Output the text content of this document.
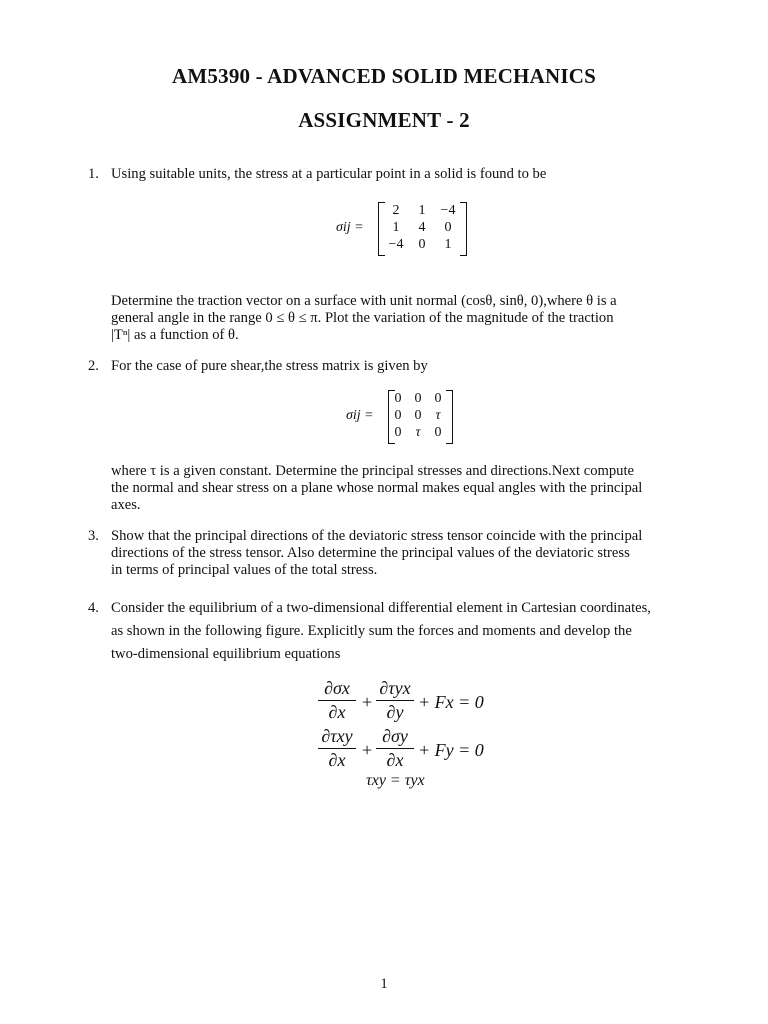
AM5390 - ADVANCED SOLID MECHANICS
ASSIGNMENT - 2
1. Using suitable units, the stress at a particular point in a solid is found to be
σij =
2	1	−4
1	4	0
−4	0	1
Determine the traction vector on a surface with unit normal (cosθ, sinθ, 0),where θ is a
general angle in the range 0 ≤ θ ≤ π. Plot the variation of the magnitude of the traction
|Tⁿ| as a function of θ.
2. For the case of pure shear,the stress matrix is given by
σij =
0 0 0
0 0 τ
0 τ	0
where τ is a given constant. Determine the principal stresses and directions.Next compute
the normal and shear stress on a plane whose normal makes equal angles with the principal
axes.
3. Show that the principal directions of the deviatoric stress tensor coincide with the principal
directions of the stress tensor. Also determine the principal values of the deviatoric stress
in terms of principal values of the total stress.
4. Consider the equilibrium of a two-dimensional differential element in Cartesian coordinates,
as shown in the following figure. Explicitly sum the forces and moments and develop the
two-dimensional equilibrium equations
∂σx
∂x +
∂τyx
∂y + Fx = 0
∂τxy
∂x +
∂σy
∂x + Fy = 0
τxy = τyx
1
